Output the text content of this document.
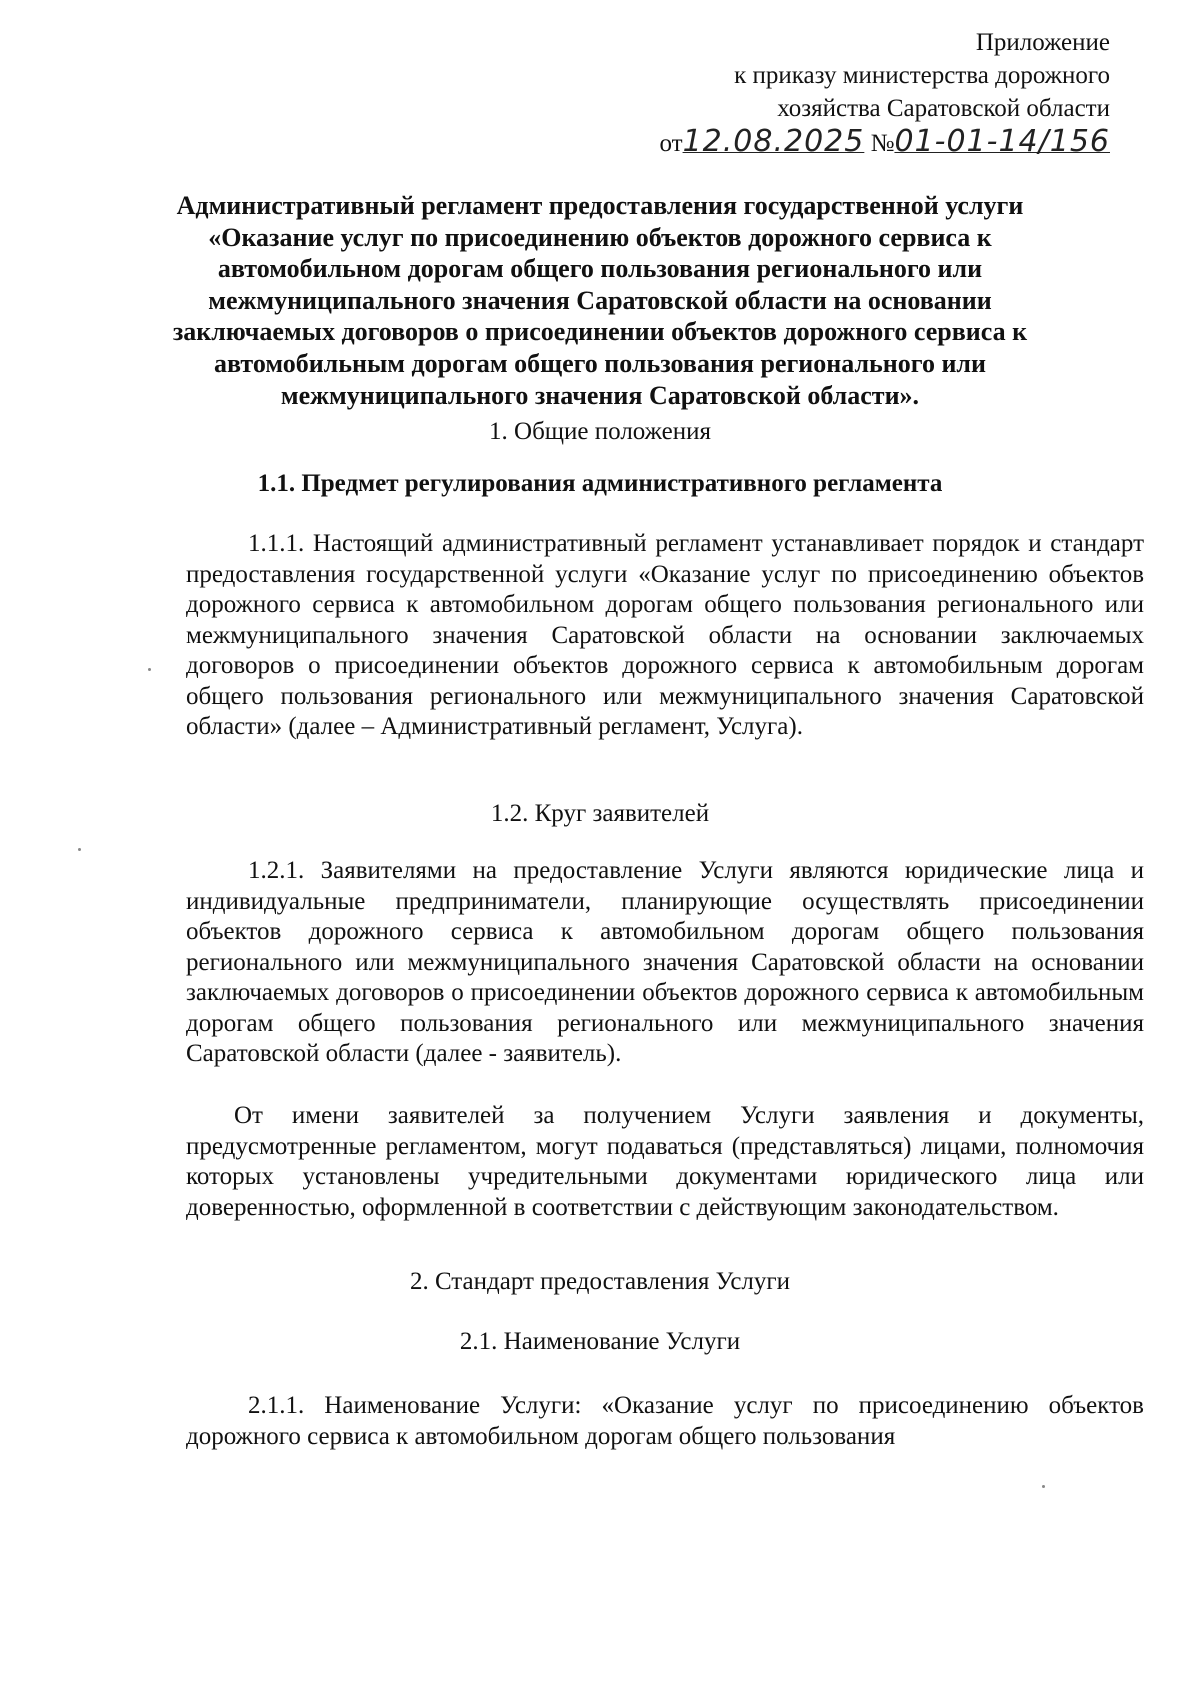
Приложение
к приказу министерства дорожного
хозяйства Саратовской области
от12.08.2025 №01-01-14/156
Административный регламент предоставления государственной услуги «Оказание услуг по присоединению объектов дорожного сервиса к автомобильном дорогам общего пользования регионального или межмуниципального значения Саратовской области на основании заключаемых договоров о присоединении объектов дорожного сервиса к автомобильным дорогам общего пользования регионального или межмуниципального значения Саратовской области».
1. Общие положения
1.1. Предмет регулирования административного регламента
1.1.1. Настоящий административный регламент устанавливает порядок и стандарт предоставления государственной услуги «Оказание услуг по присоединению объектов дорожного сервиса к автомобильном дорогам общего пользования регионального или межмуниципального значения Саратовской области на основании заключаемых договоров о присоединении объектов дорожного сервиса к автомобильным дорогам общего пользования регионального или межмуниципального значения Саратовской области» (далее – Административный регламент, Услуга).
1.2. Круг заявителей
1.2.1. Заявителями на предоставление Услуги являются юридические лица и индивидуальные предприниматели, планирующие осуществлять присоединении объектов дорожного сервиса к автомобильном дорогам общего пользования регионального или межмуниципального значения Саратовской области на основании заключаемых договоров о присоединении объектов дорожного сервиса к автомобильным дорогам общего пользования регионального или межмуниципального значения Саратовской области (далее - заявитель).
От имени заявителей за получением Услуги заявления и документы, предусмотренные регламентом, могут подаваться (представляться) лицами, полномочия которых установлены учредительными документами юридического лица или доверенностью, оформленной в соответствии с действующим законодательством.
2. Стандарт предоставления Услуги
2.1. Наименование Услуги
2.1.1. Наименование Услуги: «Оказание услуг по присоединению объектов дорожного сервиса к автомобильном дорогам общего пользования
